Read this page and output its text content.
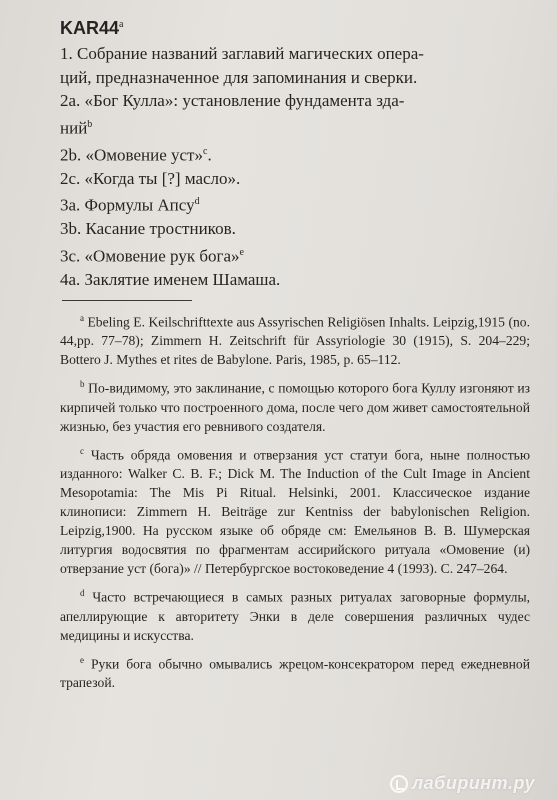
KAR44$^a$

1. Собрание названий заглавий магических опера-
ций, предназначенное для запоминания и сверки.

2a. «Бог Кулла»: установление фундамента зда-
ний$^b$

2b. «Омовение уст»$^c$.

2c. «Когда ты [?] масло».

3a. Формулы Апсу$^d$

3b. Касание тростников.

3c. «Омовение рук бога»$^e$

4a. Заклятие именем Шамаша.

$^a$ Ebeling E. Keilschrifttexte aus Assyrischen Religiösen Inhalts. Leipzig,1915 (no. 44,pp. 77–78); Zimmern H. Zeitschrift für Assyriologie 30 (1915), S. 204–229; Bottero J. Mythes et rites de Babylone. Paris, 1985, p. 65–112.

$^b$ По-видимому, это заклинание, с помощью которого бога Куллу изгоняют из кирпичей только что построенного дома, после чего дом живет самостоятельной жизнью, без участия его ревнивого создателя.

$^c$ Часть обряда омовения и отверзания уст статуи бога, ныне полностью изданного: Walker C. B. F.; Dick M. The Induction of the Cult Image in Ancient Mesopotamia: The Mis Pi Ritual. Helsinki, 2001. Классическое издание клинописи: Zimmern H. Beiträge zur Kentniss der babylonischen Religion. Leipzig,1900. На русском языке об обряде см: Емельянов В. В. Шумерская литургия водосвятия по фрагментам ассирийского ритуала «Омовение (и) отверзание уст (бога)» // Петербургское востоковедение 4 (1993). С. 247–264.

$^d$ Часто встречающиеся в самых разных ритуалах заговорные формулы, апеллирующие к авторитету Энки в деле совершения различных чудес медицины и искусства.

$^e$ Руки бога обычно омывались жрецом-консекратором перед ежедневной трапезой.

лабиринт.ру
